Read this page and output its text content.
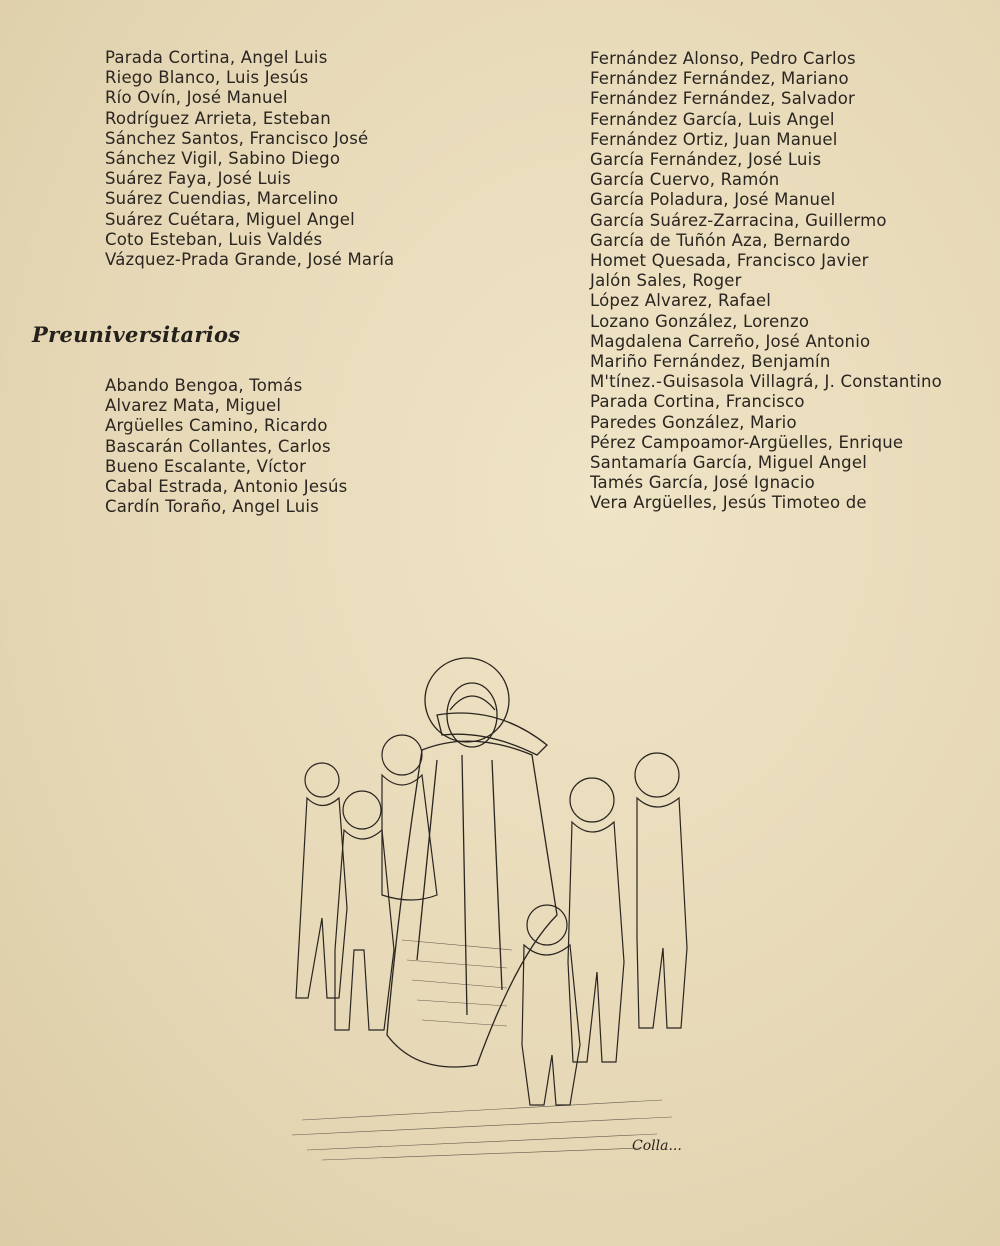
Parada Cortina, Angel Luis
Riego Blanco, Luis Jesús
Río Ovín, José Manuel
Rodríguez Arrieta, Esteban
Sánchez Santos, Francisco José
Sánchez Vigil, Sabino Diego
Suárez Faya, José Luis
Suárez Cuendias, Marcelino
Suárez Cuétara, Miguel Angel
Coto Esteban, Luis Valdés
Vázquez-Prada Grande, José María
Preuniversitarios
Abando Bengoa, Tomás
Alvarez Mata, Miguel
Argüelles Camino, Ricardo
Bascarán Collantes, Carlos
Bueno Escalante, Víctor
Cabal Estrada, Antonio Jesús
Cardín Toraño, Angel Luis
Fernández Alonso, Pedro Carlos
Fernández Fernández, Mariano
Fernández Fernández, Salvador
Fernández García, Luis Angel
Fernández Ortiz, Juan Manuel
García Fernández, José Luis
García Cuervo, Ramón
García Poladura, José Manuel
García Suárez-Zarracina, Guillermo
García de Tuñón Aza, Bernardo
Homet Quesada, Francisco Javier
Jalón Sales, Roger
López Alvarez, Rafael
Lozano González, Lorenzo
Magdalena Carreño, José Antonio
Mariño Fernández, Benjamín
M'tínez.-Guisasola Villagrá, J. Constantino
Parada Cortina, Francisco
Paredes González, Mario
Pérez Campoamor-Argüelles, Enrique
Santamaría García, Miguel Angel
Tamés García, José Ignacio
Vera Argüelles, Jesús Timoteo de
Colla...
